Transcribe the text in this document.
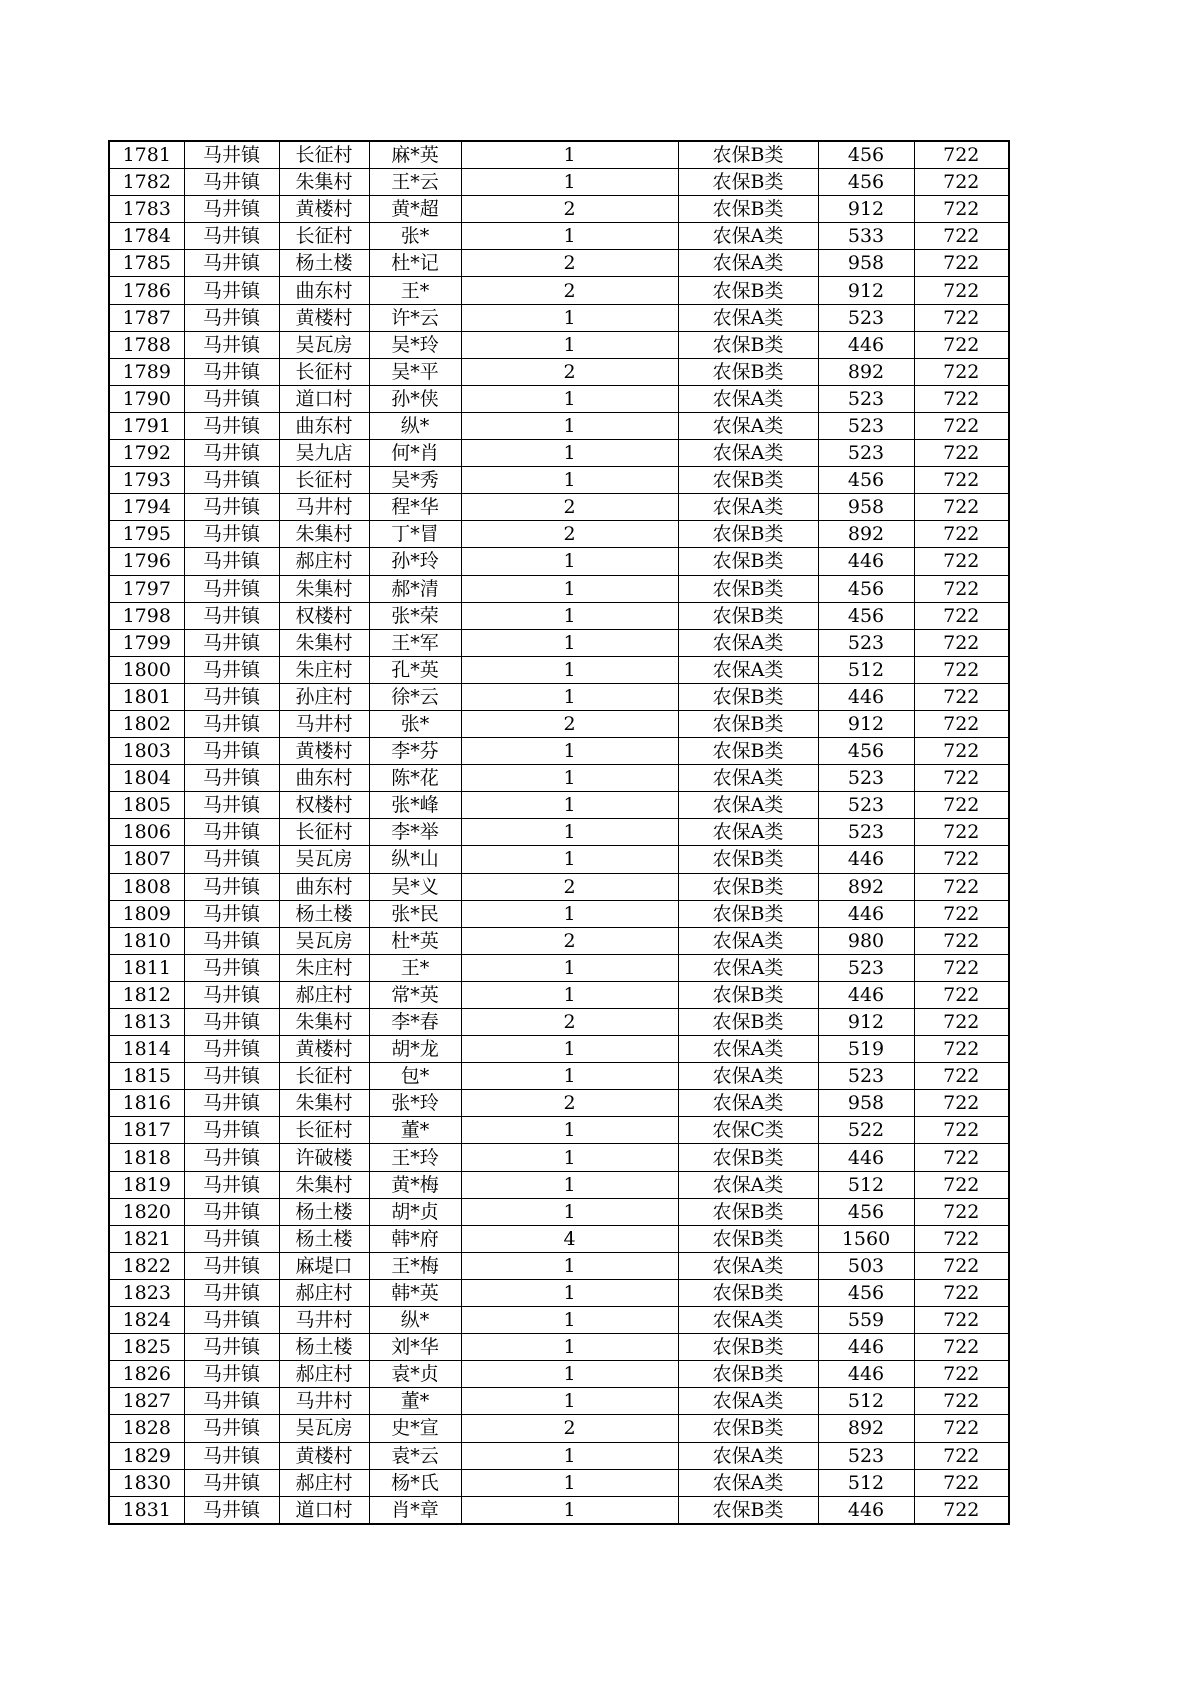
1781	马井镇	长征村	麻*英	1	农保B类	456	722
1782	马井镇	朱集村	王*云	1	农保B类	456	722
1783	马井镇	黄楼村	黄*超	2	农保B类	912	722
1784	马井镇	长征村	张*	1	农保A类	533	722
1785	马井镇	杨土楼	杜*记	2	农保A类	958	722
1786	马井镇	曲东村	王*	2	农保B类	912	722
1787	马井镇	黄楼村	许*云	1	农保A类	523	722
1788	马井镇	吴瓦房	吴*玲	1	农保B类	446	722
1789	马井镇	长征村	吴*平	2	农保B类	892	722
1790	马井镇	道口村	孙*侠	1	农保A类	523	722
1791	马井镇	曲东村	纵*	1	农保A类	523	722
1792	马井镇	吴九店	何*肖	1	农保A类	523	722
1793	马井镇	长征村	吴*秀	1	农保B类	456	722
1794	马井镇	马井村	程*华	2	农保A类	958	722
1795	马井镇	朱集村	丁*冒	2	农保B类	892	722
1796	马井镇	郝庄村	孙*玲	1	农保B类	446	722
1797	马井镇	朱集村	郝*清	1	农保B类	456	722
1798	马井镇	权楼村	张*荣	1	农保B类	456	722
1799	马井镇	朱集村	王*军	1	农保A类	523	722
1800	马井镇	朱庄村	孔*英	1	农保A类	512	722
1801	马井镇	孙庄村	徐*云	1	农保B类	446	722
1802	马井镇	马井村	张*	2	农保B类	912	722
1803	马井镇	黄楼村	李*芬	1	农保B类	456	722
1804	马井镇	曲东村	陈*花	1	农保A类	523	722
1805	马井镇	权楼村	张*峰	1	农保A类	523	722
1806	马井镇	长征村	李*举	1	农保A类	523	722
1807	马井镇	吴瓦房	纵*山	1	农保B类	446	722
1808	马井镇	曲东村	吴*义	2	农保B类	892	722
1809	马井镇	杨土楼	张*民	1	农保B类	446	722
1810	马井镇	吴瓦房	杜*英	2	农保A类	980	722
1811	马井镇	朱庄村	王*	1	农保A类	523	722
1812	马井镇	郝庄村	常*英	1	农保B类	446	722
1813	马井镇	朱集村	李*春	2	农保B类	912	722
1814	马井镇	黄楼村	胡*龙	1	农保A类	519	722
1815	马井镇	长征村	包*	1	农保A类	523	722
1816	马井镇	朱集村	张*玲	2	农保A类	958	722
1817	马井镇	长征村	董*	1	农保C类	522	722
1818	马井镇	许破楼	王*玲	1	农保B类	446	722
1819	马井镇	朱集村	黄*梅	1	农保A类	512	722
1820	马井镇	杨土楼	胡*贞	1	农保B类	456	722
1821	马井镇	杨土楼	韩*府	4	农保B类	1560	722
1822	马井镇	麻堤口	王*梅	1	农保A类	503	722
1823	马井镇	郝庄村	韩*英	1	农保B类	456	722
1824	马井镇	马井村	纵*	1	农保A类	559	722
1825	马井镇	杨土楼	刘*华	1	农保B类	446	722
1826	马井镇	郝庄村	袁*贞	1	农保B类	446	722
1827	马井镇	马井村	董*	1	农保A类	512	722
1828	马井镇	吴瓦房	史*宣	2	农保B类	892	722
1829	马井镇	黄楼村	袁*云	1	农保A类	523	722
1830	马井镇	郝庄村	杨*氏	1	农保A类	512	722
1831	马井镇	道口村	肖*章	1	农保B类	446	722
